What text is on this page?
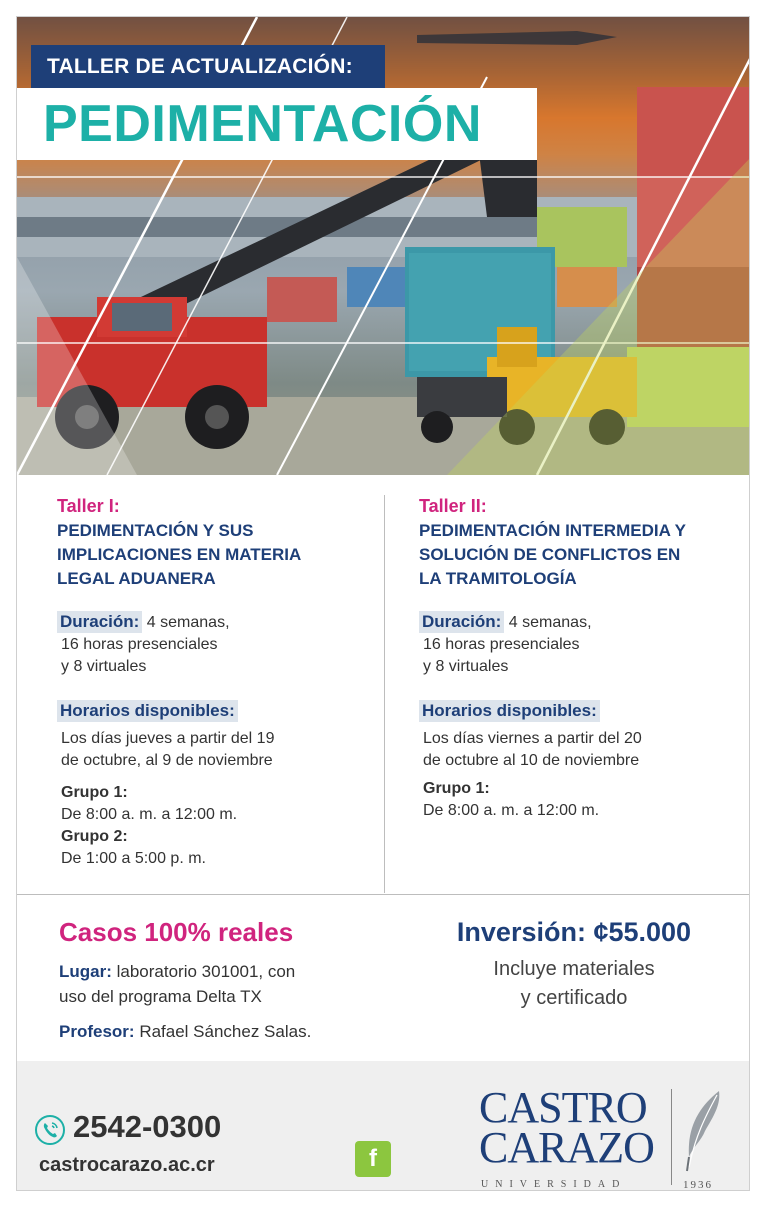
TALLER DE ACTUALIZACIÓN:
PEDIMENTACIÓN
Taller I:
PEDIMENTACIÓN Y SUS
IMPLICACIONES EN MATERIA
LEGAL ADUANERA
Duración: 4 semanas,
16 horas presenciales
y 8 virtuales
Horarios disponibles:
Los días jueves a partir del 19
de octubre, al 9 de noviembre
Grupo 1:
De 8:00 a. m. a 12:00 m.
Grupo 2:
De 1:00 a 5:00 p. m.
Taller II:
PEDIMENTACIÓN INTERMEDIA Y
SOLUCIÓN DE CONFLICTOS EN
LA TRAMITOLOGÍA
Duración: 4 semanas,
16 horas presenciales
y 8 virtuales
Horarios disponibles:
Los días viernes a partir del 20
de octubre al 10 de noviembre
Grupo 1:
De 8:00 a. m. a 12:00 m.
Casos 100% reales
Lugar: laboratorio 301001, con
uso del programa Delta TX
Profesor: Rafael Sánchez Salas.
Inversión: ¢55.000
Incluye materiales
y certificado
2542-0300
castrocarazo.ac.cr	f
CASTRO
CARAZO
UNIVERSIDAD	1936
